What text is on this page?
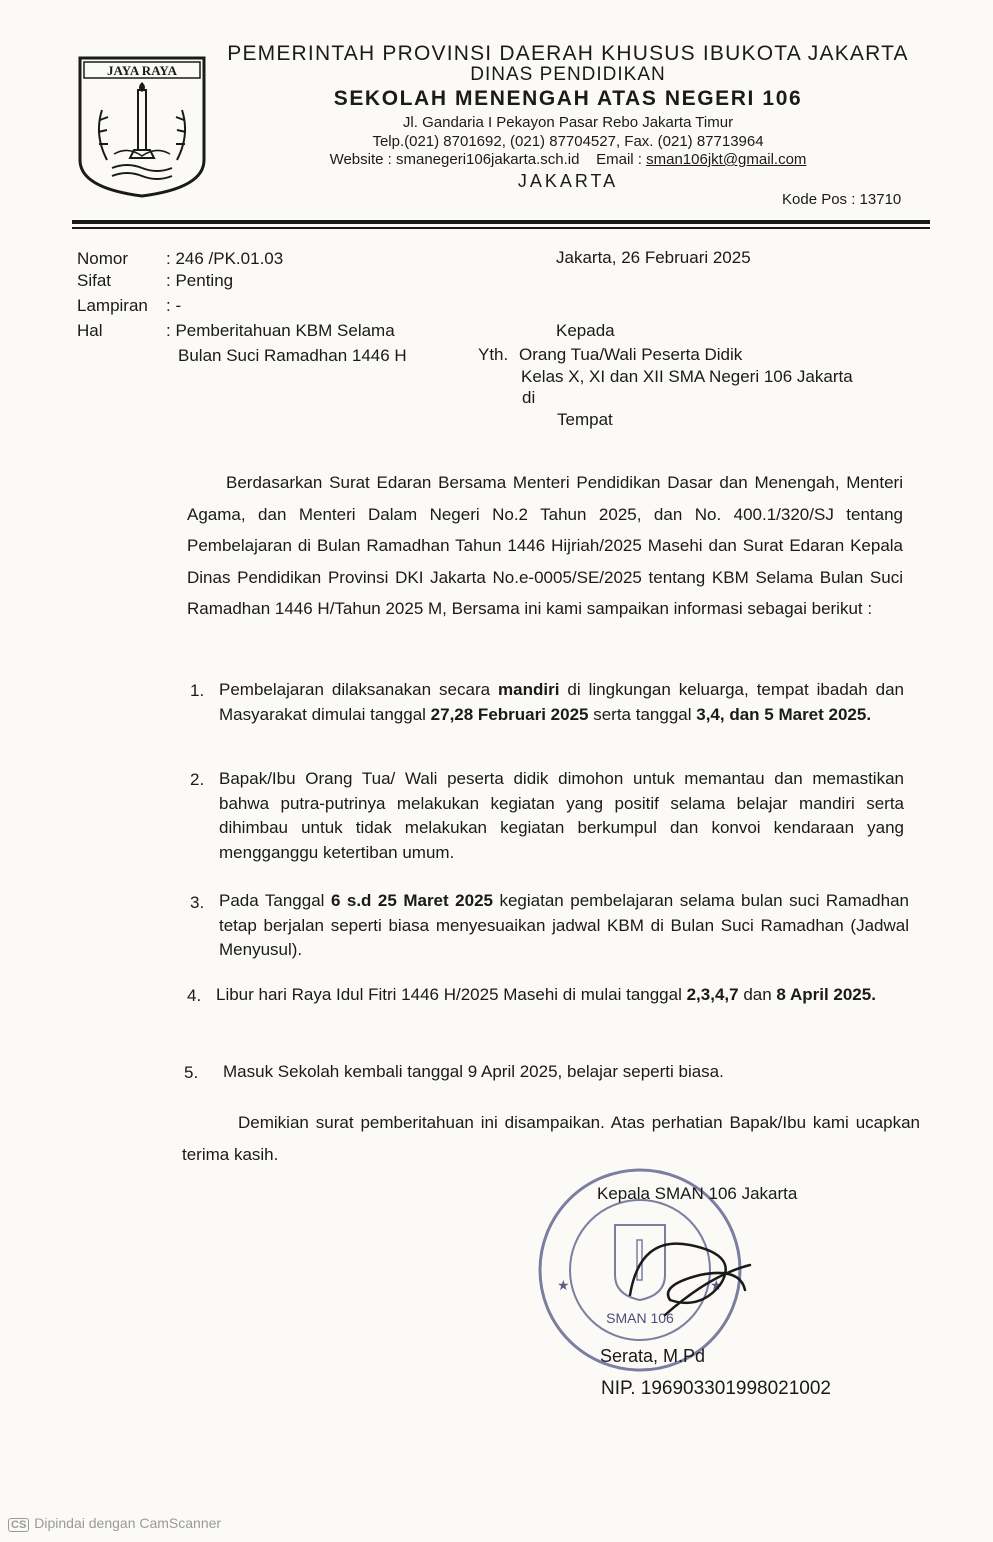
JAYA RAYA
PEMERINTAH PROVINSI DAERAH KHUSUS IBUKOTA JAKARTA
DINAS PENDIDIKAN
SEKOLAH MENENGAH ATAS NEGERI 106
Jl. Gandaria I Pekayon Pasar Rebo Jakarta Timur
Telp.(021) 8701692, (021) 87704527, Fax. (021) 87713964
Website : smanegeri106jakarta.sch.id Email : sman106jkt@gmail.com
JAKARTA
Kode Pos : 13710
Nomor : 246 /PK.01.03
Sifat	: Penting
Lampiran : -
Hal	: Pemberitahuan KBM Selama
Bulan Suci Ramadhan 1446 H
Jakarta, 26 Februari 2025
Kepada
Yth. Orang Tua/Wali Peserta Didik
Kelas X, XI dan XII SMA Negeri 106 Jakarta
di
Tempat
Berdasarkan Surat Edaran Bersama Menteri Pendidikan Dasar dan Menengah, Menteri Agama, dan Menteri Dalam Negeri No.2 Tahun 2025, dan No. 400.1/320/SJ tentang Pembelajaran di Bulan Ramadhan Tahun 1446 Hijriah/2025 Masehi dan Surat Edaran Kepala Dinas Pendidikan Provinsi DKI Jakarta No.e-0005/SE/2025 tentang KBM Selama Bulan Suci Ramadhan 1446 H/Tahun 2025 M, Bersama ini kami sampaikan informasi sebagai berikut :
1. Pembelajaran dilaksanakan secara mandiri di lingkungan keluarga, tempat ibadah dan Masyarakat dimulai tanggal 27,28 Februari 2025 serta tanggal 3,4, dan 5 Maret 2025.
2. Bapak/Ibu Orang Tua/ Wali peserta didik dimohon untuk memantau dan memastikan bahwa putra-putrinya melakukan kegiatan yang positif selama belajar mandiri serta dihimbau untuk tidak melakukan kegiatan berkumpul dan konvoi kendaraan yang mengganggu ketertiban umum.
3. Pada Tanggal 6 s.d 25 Maret 2025 kegiatan pembelajaran selama bulan suci Ramadhan tetap berjalan seperti biasa menyesuaikan jadwal KBM di Bulan Suci Ramadhan (Jadwal Menyusul).
4. Libur hari Raya Idul Fitri 1446 H/2025 Masehi di mulai tanggal 2,3,4,7 dan 8 April 2025.
5. Masuk Sekolah kembali tanggal 9 April 2025, belajar seperti biasa.
Demikian surat pemberitahuan ini disampaikan. Atas perhatian Bapak/Ibu kami ucapkan terima kasih.
SMAN 106
★	★
Kepala SMAN 106 Jakarta
Serata, M.Pd
NIP. 196903301998021002
CS Dipindai dengan CamScanner
